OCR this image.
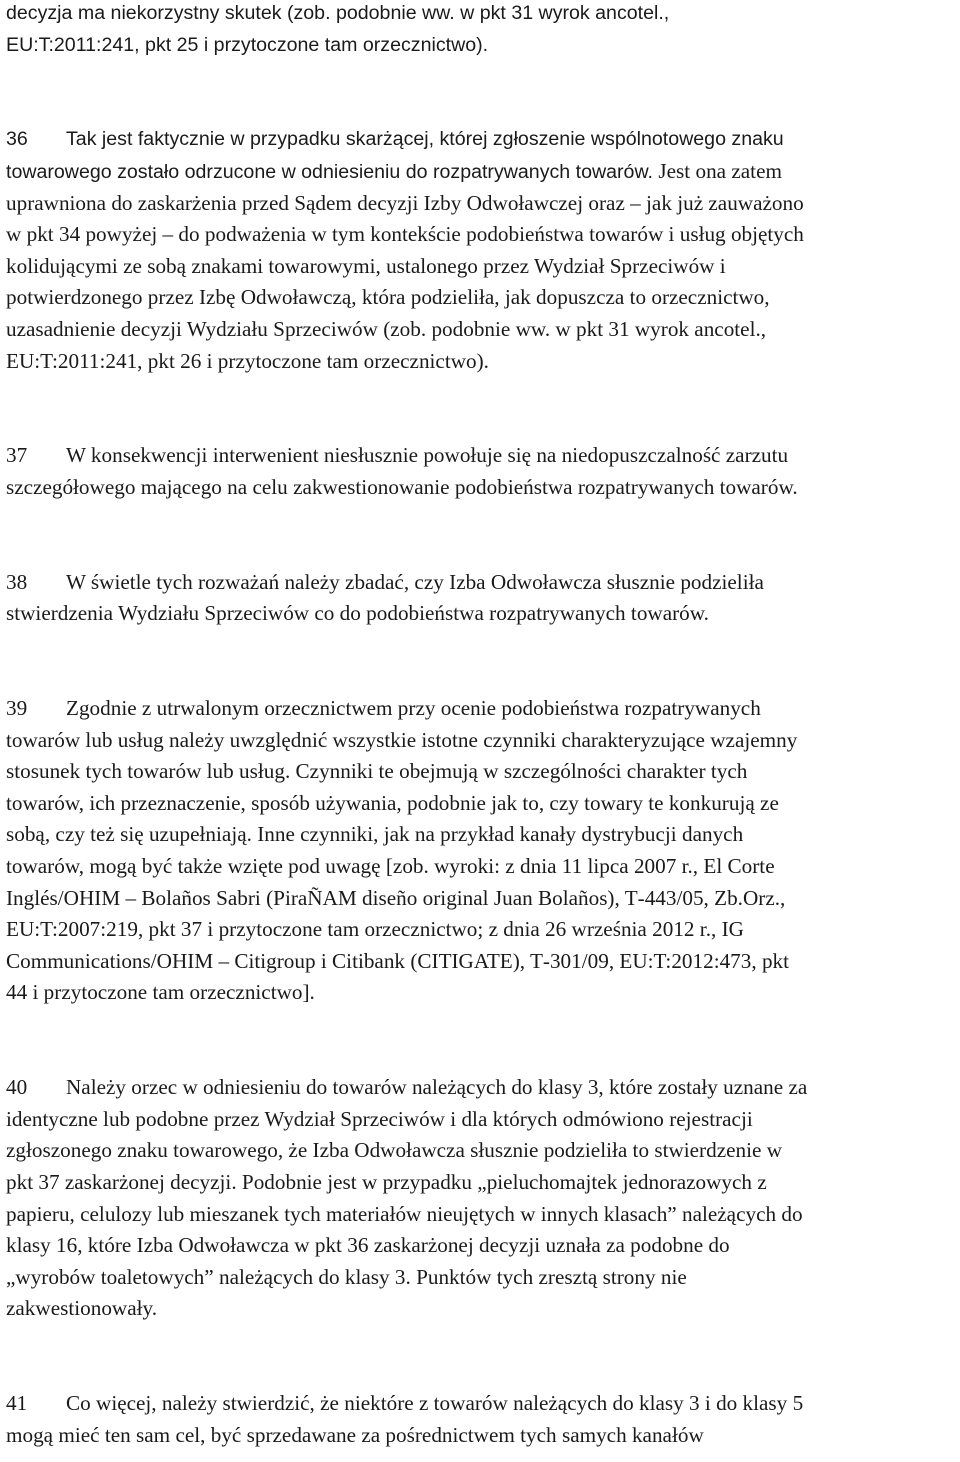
decyzja ma niekorzystny skutek (zob. podobnie ww. w pkt 31 wyrok ancotel.,
EU:T:2011:241, pkt 25 i przytoczone tam orzecznictwo).
36 Tak jest faktycznie w przypadku skarżącej, której zgłoszenie wspólnotowego znaku
towarowego zostało odrzucone w odniesieniu do rozpatrywanych towarów. Jest ona zatem
uprawniona do zaskarżenia przed Sądem decyzji Izby Odwoławczej oraz – jak już zauważono
w pkt 34 powyżej – do podważenia w tym kontekście podobieństwa towarów i usług objętych
kolidującymi ze sobą znakami towarowymi, ustalonego przez Wydział Sprzeciwów i
potwierdzonego przez Izbę Odwoławczą, która podzieliła, jak dopuszcza to orzecznictwo,
uzasadnienie decyzji Wydziału Sprzeciwów (zob. podobnie ww. w pkt 31 wyrok ancotel.,
EU:T:2011:241, pkt 26 i przytoczone tam orzecznictwo).
37 W konsekwencji interwenient niesłusznie powołuje się na niedopuszczalność zarzutu
szczegółowego mającego na celu zakwestionowanie podobieństwa rozpatrywanych towarów.
38 W świetle tych rozważań należy zbadać, czy Izba Odwoławcza słusznie podzieliła
stwierdzenia Wydziału Sprzeciwów co do podobieństwa rozpatrywanych towarów.
39 Zgodnie z utrwalonym orzecznictwem przy ocenie podobieństwa rozpatrywanych
towarów lub usług należy uwzględnić wszystkie istotne czynniki charakteryzujące wzajemny
stosunek tych towarów lub usług. Czynniki te obejmują w szczególności charakter tych
towarów, ich przeznaczenie, sposób używania, podobnie jak to, czy towary te konkurują ze
sobą, czy też się uzupełniają. Inne czynniki, jak na przykład kanały dystrybucji danych
towarów, mogą być także wzięte pod uwagę [zob. wyroki: z dnia 11 lipca 2007 r., El Corte
Inglés/OHIM – Bolaños Sabri (PiraÑAM diseño original Juan Bolaños), T‑443/05, Zb.Orz.,
EU:T:2007:219, pkt 37 i przytoczone tam orzecznictwo; z dnia 26 września 2012 r., IG
Communications/OHIM – Citigroup i Citibank (CITIGATE), T‑301/09, EU:T:2012:473, pkt
44 i przytoczone tam orzecznictwo].
40 Należy orzec w odniesieniu do towarów należących do klasy 3, które zostały uznane za
identyczne lub podobne przez Wydział Sprzeciwów i dla których odmówiono rejestracji
zgłoszonego znaku towarowego, że Izba Odwoławcza słusznie podzieliła to stwierdzenie w
pkt 37 zaskarżonej decyzji. Podobnie jest w przypadku „pieluchomajtek jednorazowych z
papieru, celulozy lub mieszanek tych materiałów nieujętych w innych klasach” należących do
klasy 16, które Izba Odwoławcza w pkt 36 zaskarżonej decyzji uznała za podobne do
„wyrobów toaletowych” należących do klasy 3. Punktów tych zresztą strony nie
zakwestionowały.
41 Co więcej, należy stwierdzić, że niektóre z towarów należących do klasy 3 i do klasy 5
mogą mieć ten sam cel, być sprzedawane za pośrednictwem tych samych kanałów
